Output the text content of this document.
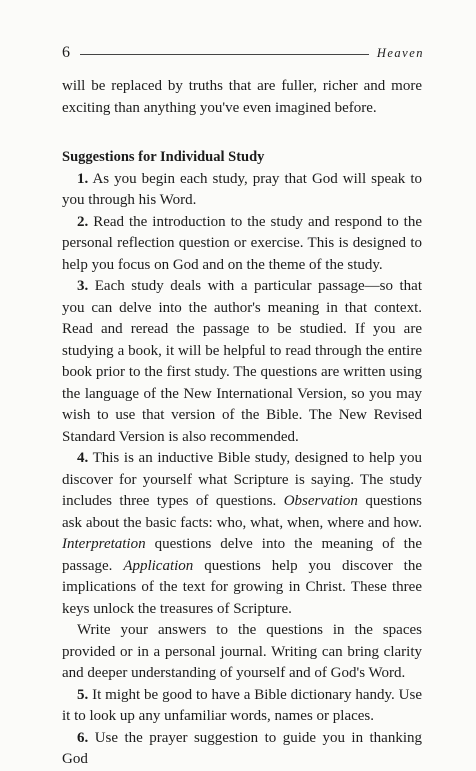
6	Heaven

will be replaced by truths that are fuller, richer and more exciting than anything you've even imagined before.

Suggestions for Individual Study

1. As you begin each study, pray that God will speak to you through his Word.

2. Read the introduction to the study and respond to the personal reflection question or exercise. This is designed to help you focus on God and on the theme of the study.

3. Each study deals with a particular passage—so that you can delve into the author's meaning in that context. Read and reread the passage to be studied. If you are studying a book, it will be helpful to read through the entire book prior to the first study. The questions are written using the language of the New International Version, so you may wish to use that version of the Bible. The New Revised Standard Version is also recommended.

4. This is an inductive Bible study, designed to help you discover for yourself what Scripture is saying. The study includes three types of questions. Observation questions ask about the basic facts: who, what, when, where and how. Interpretation questions delve into the meaning of the passage. Application questions help you discover the implications of the text for growing in Christ. These three keys unlock the treasures of Scripture.

Write your answers to the questions in the spaces provided or in a personal journal. Writing can bring clarity and deeper understanding of yourself and of God's Word.

5. It might be good to have a Bible dictionary handy. Use it to look up any unfamiliar words, names or places.

6. Use the prayer suggestion to guide you in thanking God
